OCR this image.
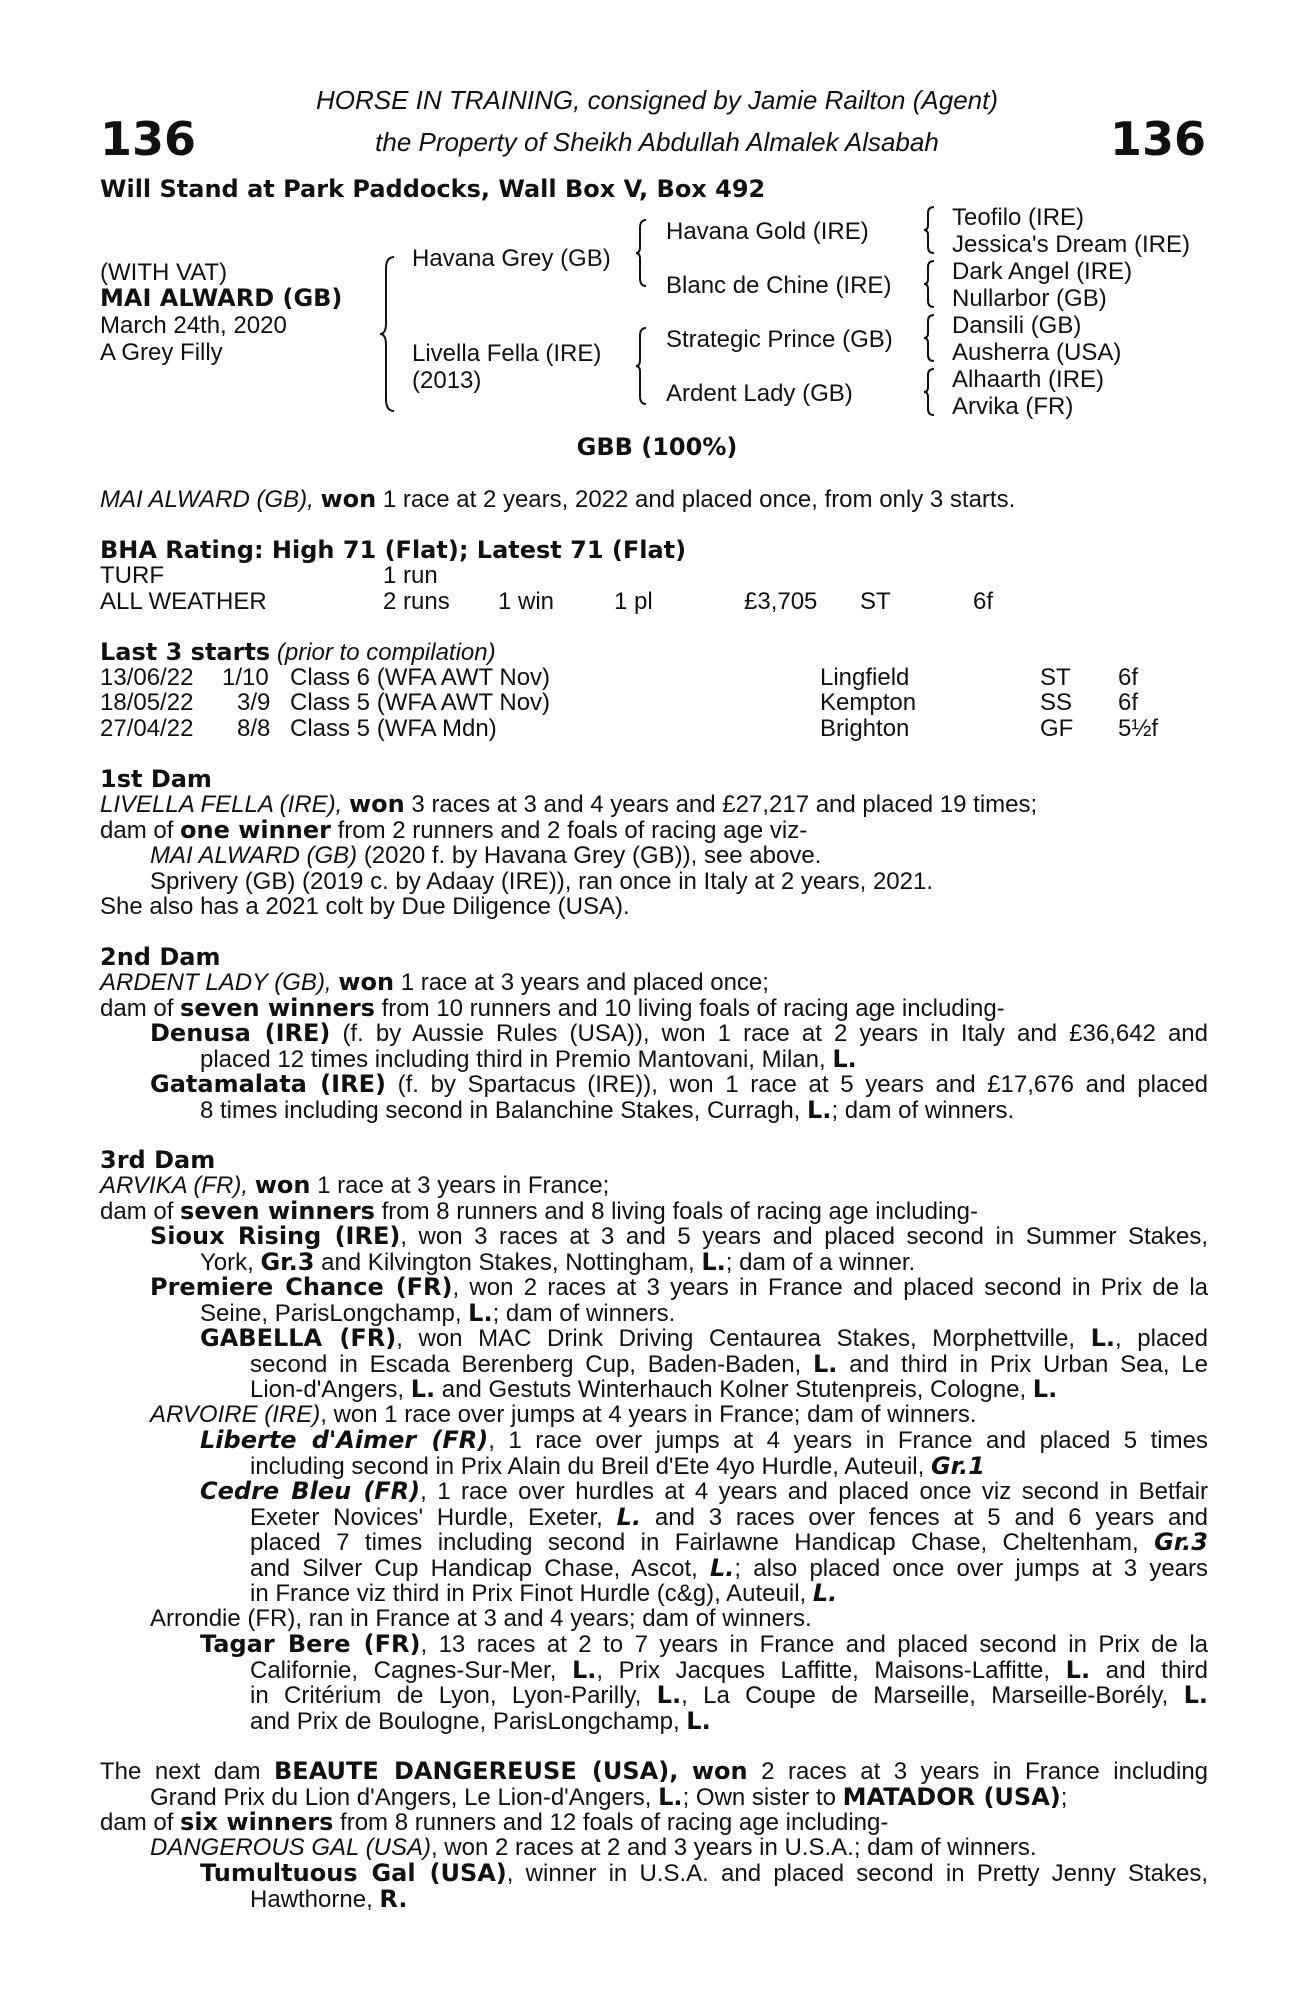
136	136
HORSE IN TRAINING, consigned by Jamie Railton (Agent)
the Property of Sheikh Abdullah Almalek Alsabah
Will Stand at Park Paddocks, Wall Box V, Box 492
(WITH VAT)
MAI ALWARD (GB)
March 24th, 2020
A Grey Filly
Havana Grey (GB)
Livella Fella (IRE)
(2013)
Havana Gold (IRE)
Blanc de Chine (IRE)
Strategic Prince (GB)
Ardent Lady (GB)
Teofilo (IRE)
Jessica's Dream (IRE)
Dark Angel (IRE)
Nullarbor (GB)
Dansili (GB)
Ausherra (USA)
Alhaarth (IRE)
Arvika (FR)
GBB (100%)
MAI ALWARD (GB), won 1 race at 2 years, 2022 and placed once, from only 3 starts.
BHA Rating: High 71 (Flat); Latest 71 (Flat)
TURF	1 run
ALL WEATHER	2 runs 1 win 1 pl	£3,705 ST	6f
Last 3 starts (prior to compilation)
13/06/22 1/10 Class 6 (WFA AWT Nov)	Lingfield	ST 6f
18/05/22 3/9 Class 5 (WFA AWT Nov)	Kempton	SS 6f
27/04/22 8/8 Class 5 (WFA Mdn)	Brighton	GF 5½f
1st Dam
LIVELLA FELLA (IRE), won 3 races at 3 and 4 years and £27,217 and placed 19 times;
dam of one winner from 2 runners and 2 foals of racing age viz-
MAI ALWARD (GB) (2020 f. by Havana Grey (GB)), see above.
Sprivery (GB) (2019 c. by Adaay (IRE)), ran once in Italy at 2 years, 2021.
She also has a 2021 colt by Due Diligence (USA).
2nd Dam
ARDENT LADY (GB), won 1 race at 3 years and placed once;
dam of seven winners from 10 runners and 10 living foals of racing age including-
Denusa (IRE) (f. by Aussie Rules (USA)), won 1 race at 2 years in Italy and £36,642 and
placed 12 times including third in Premio Mantovani, Milan, L.
Gatamalata (IRE) (f. by Spartacus (IRE)), won 1 race at 5 years and £17,676 and placed
8 times including second in Balanchine Stakes, Curragh, L.; dam of winners.
3rd Dam
ARVIKA (FR), won 1 race at 3 years in France;
dam of seven winners from 8 runners and 8 living foals of racing age including-
Sioux Rising (IRE), won 3 races at 3 and 5 years and placed second in Summer Stakes,
York, Gr.3 and Kilvington Stakes, Nottingham, L.; dam of a winner.
Premiere Chance (FR), won 2 races at 3 years in France and placed second in Prix de la
Seine, ParisLongchamp, L.; dam of winners.
GABELLA (FR), won MAC Drink Driving Centaurea Stakes, Morphettville, L., placed
second in Escada Berenberg Cup, Baden-Baden, L. and third in Prix Urban Sea, Le
Lion-d'Angers, L. and Gestuts Winterhauch Kolner Stutenpreis, Cologne, L.
ARVOIRE (IRE), won 1 race over jumps at 4 years in France; dam of winners.
Liberte d'Aimer (FR), 1 race over jumps at 4 years in France and placed 5 times
including second in Prix Alain du Breil d'Ete 4yo Hurdle, Auteuil, Gr.1
Cedre Bleu (FR), 1 race over hurdles at 4 years and placed once viz second in Betfair
Exeter Novices' Hurdle, Exeter, L. and 3 races over fences at 5 and 6 years and
placed 7 times including second in Fairlawne Handicap Chase, Cheltenham, Gr.3
and Silver Cup Handicap Chase, Ascot, L.; also placed once over jumps at 3 years
in France viz third in Prix Finot Hurdle (c&g), Auteuil, L.
Arrondie (FR), ran in France at 3 and 4 years; dam of winners.
Tagar Bere (FR), 13 races at 2 to 7 years in France and placed second in Prix de la
Californie, Cagnes-Sur-Mer, L., Prix Jacques Laffitte, Maisons-Laffitte, L. and third
in Critérium de Lyon, Lyon-Parilly, L., La Coupe de Marseille, Marseille-Borély, L.
and Prix de Boulogne, ParisLongchamp, L.
The next dam BEAUTE DANGEREUSE (USA), won 2 races at 3 years in France including
Grand Prix du Lion d'Angers, Le Lion-d'Angers, L.; Own sister to MATADOR (USA);
dam of six winners from 8 runners and 12 foals of racing age including-
DANGEROUS GAL (USA), won 2 races at 2 and 3 years in U.S.A.; dam of winners.
Tumultuous Gal (USA), winner in U.S.A. and placed second in Pretty Jenny Stakes,
Hawthorne, R.
